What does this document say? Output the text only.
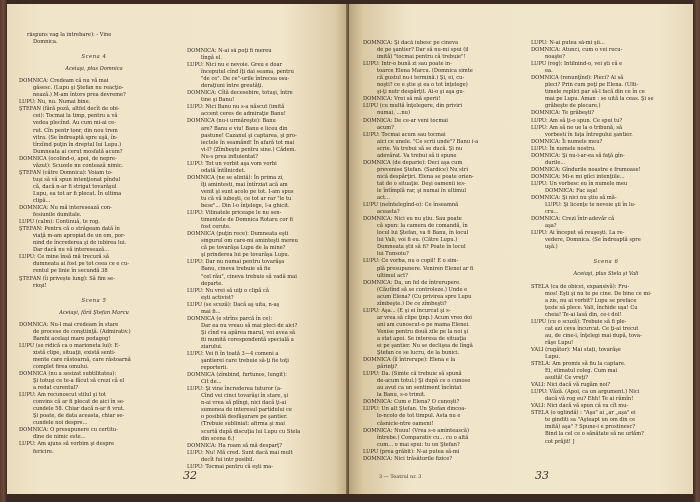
răspuns vag la întrebare): - Vine
Domnica.
Scena 4
Aceiaşi, plus Domnica
DOMNICA: Credeam că nu vă mai
găsesc. (Lupu şi Ştefan nu reacţio-
nează.) M-am întors prea devreme?
LUPU: Nu, nu. Numai bine.
ŞTEFAN (fără poză, altfel decît de obi-
cei): Tocmai la timp, pentru a vă
vedea plecînd. Au cum mi-ai ce-
rut. Cîn pentr tonr, din nou trem
vitra. (Se îndreaptă spre uşă, în-
tîrzîind puţin în dreptul lui Lupu.)
Dumneata ai cerut mosfată acum?
DOMNICA (ocolind-o, apoi, de nepre-
văzut): Scuzele nu contează nimic.
ŞTEFAN (către Domnica): Voiam to-
tuşi să vă spun intenţionat pîndul
că, dacă n-ar fi strigat tovarăşul
Lupu, ea tot ar fi plecat. În ultima
clipă...
DOMNICA: Nu mă interesează con-
fesiunile dumitale.
LUPU (calm): Continuă, te rog.
ŞTEFAN: Pentru că o străgeam dată în
viaţă m-am apropiat de un om, por-
nind de încrederea şi de iubirea lui.
Dar dacă nu vă interesează...
LUPU: Ce mine însă mă trecură să
dumneata ai fost pe tot ceea ce e cu-
rentul pe linie în secundă 38
ŞTEFAN (îi privește lung): Să fim se-
rioşi!
Scena 5
Aceiaşi, fără Ştefan Marcu
DOMNICA: Nu-l mai credeam în stare
de procese de conştiinţă. (Admirativ.)
Bambi acelaşi mare pedagog!
LUPU (se ridică ca o marioneta lui): E-
xistă clipe, situaţii, există senti-
mente care răstoarnă, care răstoarnă
complet firea omului.
DOMNICA (nu a sesizat subtilitatea):
Şi totuşi ce te-a făcut să crezi că el
a redat curentul?
LUPU: Am recunoscut stilul şi tot
convins că ar fi plecat de aici în se-
cundele 58. Chiar dacă n-ar fi vrut.
Şi poate, de data aceasta, chiar se-
cundele noi despre...
DOMNICA: O presupunere cu certitu-
dine de nimic este...
LUPU: Am ajuns să vorbim şi despre
fericire.
DOMNICA: N-ai să poţi fi mereu
lîngă el.
LUPU: Nici nu e nevoie. Greu e doar
începutul cînd îţi dai seama, pentru
"de ce". De ce"-urile întrecea osu-
deraţiuni între greutăţi.
DOMNICA: Cîtă decesebire, totuşi, între
tine şi Banu!
LUPU: Nici Banu nu s-a născut (imită
accent ceres de admiraţie Banu!
DOMNICA (nu-i urmăreşte): Banu
are? Banu e viu! Banu e liceu din
pastune! Cazanul şi captarea, şi pro-
iectele în seamănd! În afară tot mai
vi-l? (Zîmbeşte pentru sine.) Cădem.
Nu-s prea influientat?
LUPU: Tot un vorbit aşa vom vorbi
odată întîlnicdet.
DOMNICA (ne se alintă): În prima zi,
îţi amintesti, mai întîrziat acă am
venit şi sunt acolo pe tot. I-am spus
tu că vă iubeşti, ce tot ar rar "le tu
bese"... Din l-o înţelege, l-a ghicit.
LUPU: Vilinatele priceape le nu sen-
timentele de Domnica Rotaru cor fi
fost cerute.
DOMNICA (puţin rece): Dumneata eşti
singurul om care-mi aminteşti mereu
că pe tovarăşa Lupu de la mine?
şi prinderea lui pe tovarăşa Lupu.
LUPU: Dar nu numai pentru tovarăşa
Banu, cineva trebuie să fie
"cel rău", cineva trebuie să vadă mai
departe.
LUPU: Nu vrei să uiţi o clipă că
eşti activist?
LUPU (se scuză): Dacă aş uita, n-aş
mai fi...
DOMNICA (e strîns parcă în ce):
Dar ea nu vreau să mai pleci de aici?
Şi cînd va apărea marul, voi avea să
fii numită corespondentă specială a
ziarului.
LUPU: Vei fi în toată 3—4 comeni a
şantierei care trebuie să-ţi fie toţi
reporterii.
DOMNICA (zîmbind, furtunos, lungit):
Cit de...
LUPU: Şi vine încrederea tuturor (a-
Cînd vei cinci tovarăşi în stare, şi
n-ai vrea să plîngi, nici dacă ţi-ai
sumenea de interesul partidului ce
o posibilă desfăşurare pe şantier.
(Trebuie subliniat: afirma şi mai
scurtă după discuţia lui Lupu cu Stela
din scena 6.)
DOMNICA: Ha roam să mă desparţ?
LUPU: Nu! Mă cred. Sunt dacă mai mult
decît fui intr posibil.
LUPU: Tocmai pentru că eşti ma-
32
DOMNICA: Şi dacă iubesc pe cineva
de pe şantier? Dar să nu-mi spui (il
imită) "tocmai pentru că trebuie"!
LUPU: Intr-o bună zi sau poate in-
toarce Elena Marcu. (Domnica simte
că gustul nu-i termină.) Şi, ei, cu-
noşti? ce e ştie şi ea o tot înţelege)
şi-ţi nutr despărţit. Ai-o şi aşa gu-
DOMNICA: Vrei să mă sperii!
LUPU (cu multă înţelegere, din priviri
numai, ...nu)
DOMNICA: De ce-ar veni tocmai
acum?
LUPU: Tocmai acum sau tocmai
aici ce unele. "Ce scrii unde"? Banu i-a
scrie. Va trebui să se ducă. Şi nu
adevărat. Va trebui să ii spune
DOMNICA (de deparie): Deci aşa cum
prevenise Ştefan. (Sardice) Nu stri
nică despărţiri. Elena se poate orien-
tat de o situaţie. Deşi oamenii ies-
le întîmplă rar, şi numai în ultimul
act...
LUPU (neîntelegînd-o): Ce înseamnă
aceasta?
DOMNICA: Nici eu nu ştiu. Sau poate
că spun: la camera de comandă, în
locul lui Ştefan, va fi Banu, în locul
lui Vali, voi fi eu. (Către Lupu.)
Dumneata ştii să fi? Poate în locul
lui Tunsoiu?
LUPU: Ce vorba, nu o copil! E o sim-
plă presupunere. Veniren Elenei ar fi
ultimul act?
DOMNICA: Da, un fel de întrerupere.
(Căutînd să se controleze.) Unde e
acum Elena? (Cu privirea spre Lupu
zîmbeşte.) De ce zîmbeşti?
LUPU: Aşa... (E şi ei încurcat şi s-
ar vrea să clipe ţinp.) Acum vreo doi
ani am cunoscut-o pe mama Elenei.
Venise pentru două zile pe la noi şi
a stat apoi. Se interesa de situaţia
ei pe şantier. Nu se declişea de lîngă
Ştefan ce se lucru, de la bunici.
DOMNICA (îl întrerupe): Elena e la
părinţi?
LUPU: Da. (Simte că trebuie să spună
de-acum totul.) Şi după ce o cunose
au avut ca un sentiment încîntat
la Banu, s-o trimit.
DOMNICA: Cum e Elena? O cunoşti?
LUPU: Un alt Ştefan. Un Ştefan dincoa-
lo-ncolo de tot timpul. Asta nu e
căsnicie-ntre oameni!
DOMNICA: Nuuu! (Vrea s-o amintească)
întrebe.) Comparativ cu... cu o altă
cum... o mai spui: tu un Ştefan?
LUPU (prea grăbit): N-ai putea să-mi
DOMNICA: Nici trăsăturile fizice?
LUPU: N-ai putea să-mi şii...
DOMNICA: Atunci, cum o vei recu-
noaşte?
LUPU (rog): Intilnind-o, vei şti că e
ea.
DOMNICA (renunţînd): Pleci? Ai să
pleci? Prin cum poţi pe Elena. (Ulti-
timele replici par să-l facă din ce în ce
mai pe Lupu. Aman : se uită la ceas. Şi se
grăbeşte de plecare.)
DOMNICA: Te grăbeşti?
LUPU: Am să ţi-o spun. Ce spui tu?
LUPU: Am să ne ue la o tribună, să
vorbesti în faţa întregului şantier.
DOMNICA: Îi numele meu?
LUPU: În numele nostru.
DOMNICA: Şi nu-i-ar-ea să faţă gîn-
durile...
DOMNICA: Gîndurile noastre e frumoase!
DOMNICA: Mi-e mi giîci intenţiile...
LUPU: Un vorbesc eu în numele meu
DOMNICA: Fac aşa!
DOMNICA: Şi nici nu ştiu să mă-
LUPU: Şi licenţe te nevoie şii în lu-
cru...
DOMNICA: Crezi într-adevăr că
aşa?
LUPU: Ai început să reuşeşti. La re-
vedere, Domnica. (Se îndreaptă spre
uşă.)
Scena 6
Aceiaşi, plus Stela şi Vali
STELA (ca de obicei, expansivă): Fru-
mos! Eşti şi nu te pe cine. De bine ce mi-
a zis, nu ai vorbit? Lupu se preface
ţeste să plece. Vali, închide uşa! Cu
cheia! Te-ai lasă din, ce-i dol!
LUPU (cu o scuză): Trebuie să fi ple-
cat azi ceva încurcat. Ce ţi-ai trecut
au, de cine-i, înţelegi mai după, tova-
răşe Lupu!
VALI (rugător): Mai stați, tovarăşe
Lupu.
STELA: Am promis să fiu la captare.
Ei, stimatul coleg. Cum mai
asultă! Ce vreţi?
VALI: Nici dacă vă rugăm noi?
LUPU: Văză. (Apoi, ca un argument.) Nici
dacă vă rog eu? Ehh! Te ai râmîn!
VALI: Nici dacă vă spun că va cît mu-
STELA (o oglindă) : "Aşa" ai „ar „aşa" ei
te ginditi sa "Aşteapt un om din ce
imită) aşa" ? Spune-i e prostinesc?
Bind la cel ce o sănătate să ne urlăm?
cot prăjit! ]
3 — Teatrul nr. 3	33
